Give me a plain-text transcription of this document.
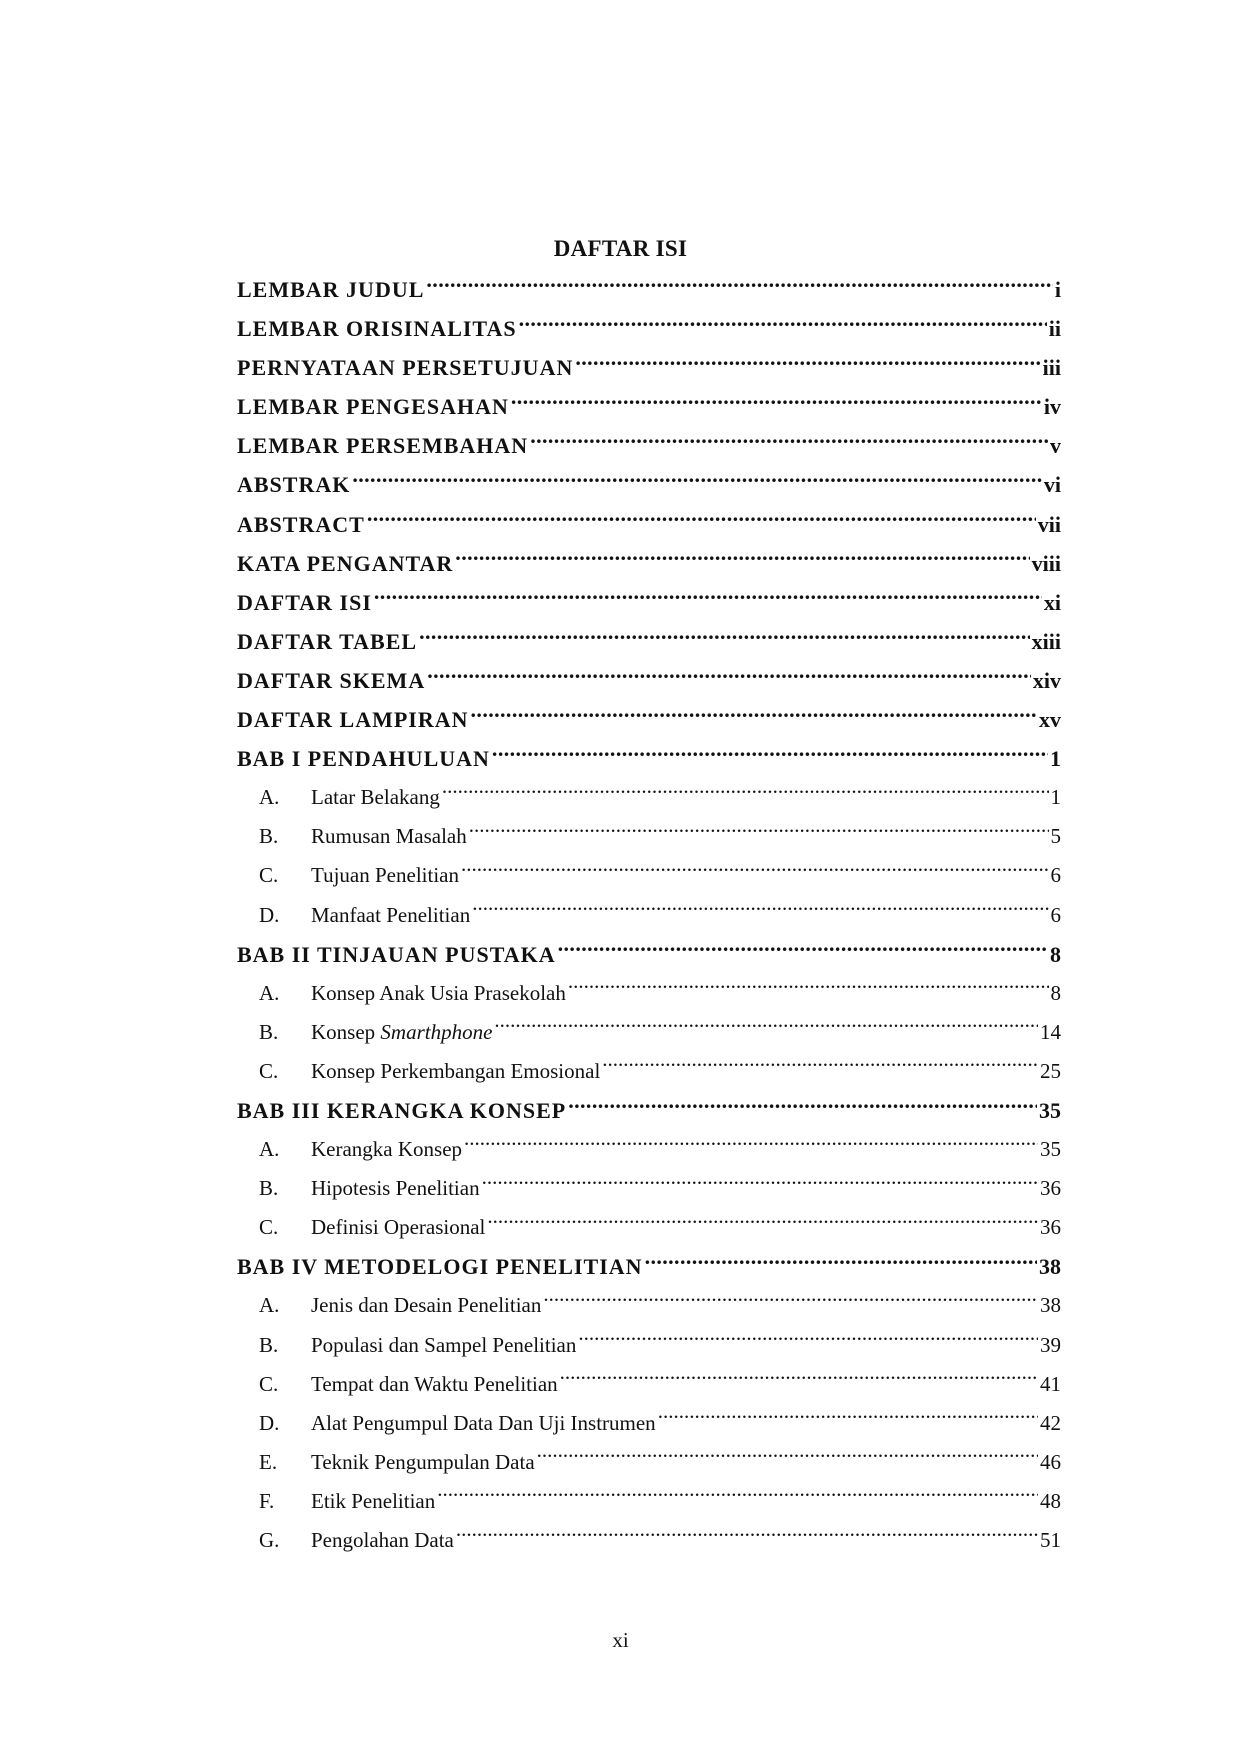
DAFTAR ISI
LEMBAR JUDUL .....	i
LEMBAR ORISINALITAS .....	ii
PERNYATAAN PERSETUJUAN .....	iii
LEMBAR PENGESAHAN .....	iv
LEMBAR PERSEMBAHAN .....	v
ABSTRAK .....	vi
ABSTRACT .....	vii
KATA PENGANTAR .....	viii
DAFTAR ISI .....	xi
DAFTAR TABEL .....	xiii
DAFTAR SKEMA .....	xiv
DAFTAR LAMPIRAN .....	xv
BAB I PENDAHULUAN .....	1
A.	Latar Belakang .....	1
B.	Rumusan Masalah .....	5
C.	Tujuan Penelitian .....	6
D.	Manfaat Penelitian .....	6
BAB II TINJAUAN PUSTAKA .....	8
A.	Konsep Anak Usia Prasekolah .....	8
B.	Konsep Smarthphone .....	14
C.	Konsep Perkembangan Emosional .....	25
BAB III KERANGKA KONSEP .....	35
A.	Kerangka Konsep .....	35
B.	Hipotesis Penelitian .....	36
C.	Definisi Operasional .....	36
BAB IV METODELOGI PENELITIAN .....	38
A.	Jenis dan Desain Penelitian .....	38
B.	Populasi dan Sampel Penelitian .....	39
C.	Tempat dan Waktu Penelitian .....	41
D.	Alat Pengumpul Data Dan Uji Instrumen .....	42
E.	Teknik Pengumpulan Data .....	46
F.	Etik Penelitian .....	48
G.	Pengolahan Data .....	51
xi
